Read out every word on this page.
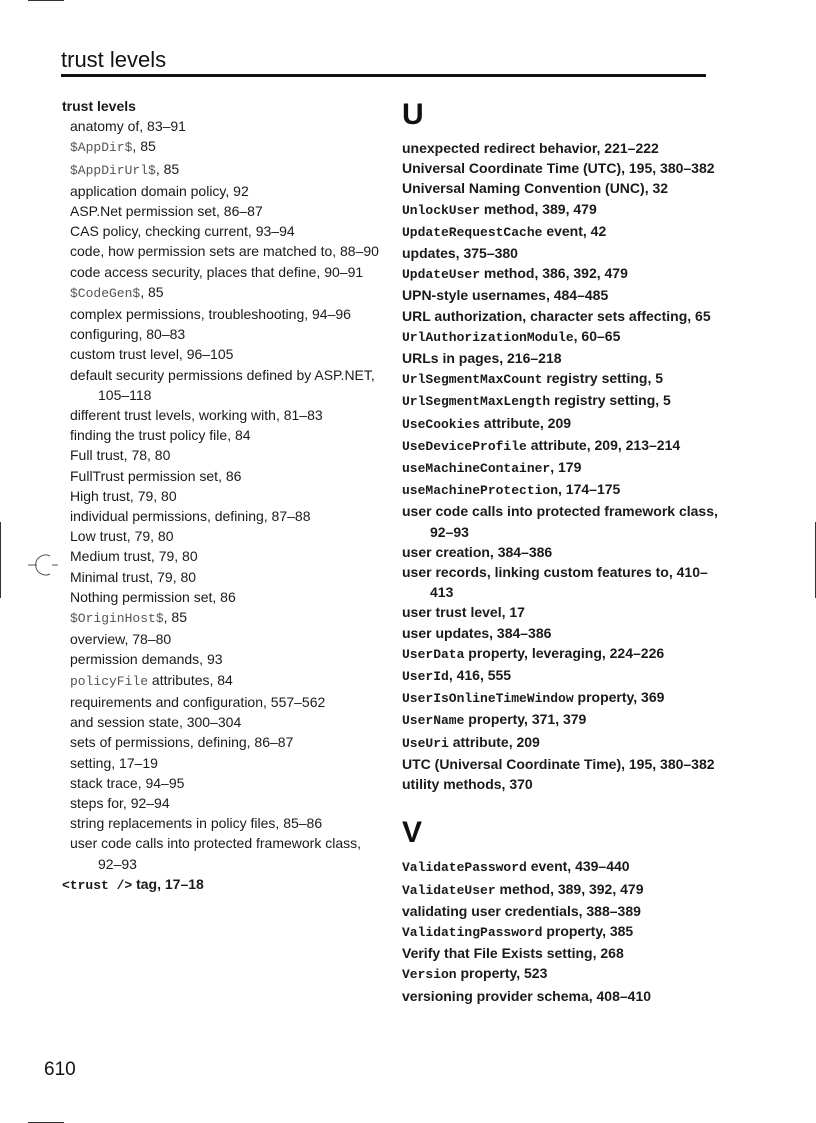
trust levels
trust levels
anatomy of, 83–91
$AppDir$, 85
$AppDirUrl$, 85
application domain policy, 92
ASP.Net permission set, 86–87
CAS policy, checking current, 93–94
code, how permission sets are matched to, 88–90
code access security, places that define, 90–91
$CodeGen$, 85
complex permissions, troubleshooting, 94–96
configuring, 80–83
custom trust level, 96–105
default security permissions defined by ASP.NET, 105–118
different trust levels, working with, 81–83
finding the trust policy file, 84
Full trust, 78, 80
FullTrust permission set, 86
High trust, 79, 80
individual permissions, defining, 87–88
Low trust, 79, 80
Medium trust, 79, 80
Minimal trust, 79, 80
Nothing permission set, 86
$OriginHost$, 85
overview, 78–80
permission demands, 93
policyFile attributes, 84
requirements and configuration, 557–562
and session state, 300–304
sets of permissions, defining, 86–87
setting, 17–19
stack trace, 94–95
steps for, 92–94
string replacements in policy files, 85–86
user code calls into protected framework class, 92–93
<trust /> tag, 17–18
U
unexpected redirect behavior, 221–222
Universal Coordinate Time (UTC), 195, 380–382
Universal Naming Convention (UNC), 32
UnlockUser method, 389, 479
UpdateRequestCache event, 42
updates, 375–380
UpdateUser method, 386, 392, 479
UPN-style usernames, 484–485
URL authorization, character sets affecting, 65
UrlAuthorizationModule, 60–65
URLs in pages, 216–218
UrlSegmentMaxCount registry setting, 5
UrlSegmentMaxLength registry setting, 5
UseCookies attribute, 209
UseDeviceProfile attribute, 209, 213–214
useMachineContainer, 179
useMachineProtection, 174–175
user code calls into protected framework class, 92–93
user creation, 384–386
user records, linking custom features to, 410–413
user trust level, 17
user updates, 384–386
UserData property, leveraging, 224–226
UserId, 416, 555
UserIsOnlineTimeWindow property, 369
UserName property, 371, 379
UseUri attribute, 209
UTC (Universal Coordinate Time), 195, 380–382
utility methods, 370
V
ValidatePassword event, 439–440
ValidateUser method, 389, 392, 479
validating user credentials, 388–389
ValidatingPassword property, 385
Verify that File Exists setting, 268
Version property, 523
versioning provider schema, 408–410
610
